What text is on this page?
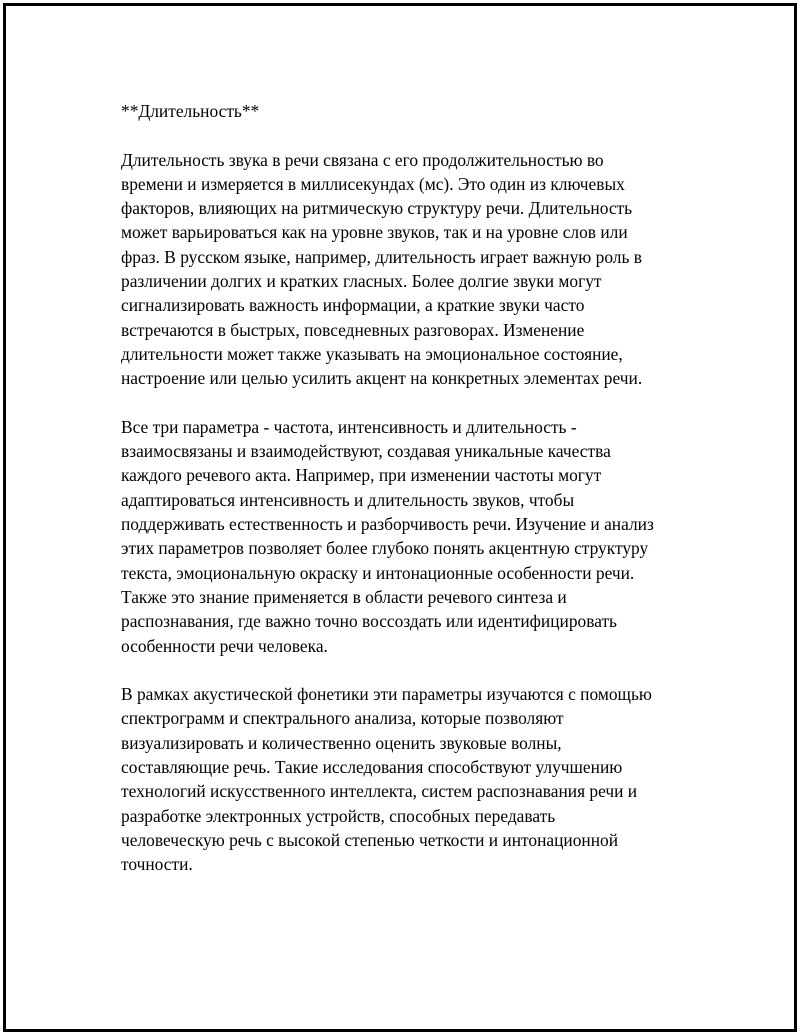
**Длительность**
Длительность звука в речи связана с его продолжительностью во
времени и измеряется в миллисекундах (мс). Это один из ключевых
факторов, влияющих на ритмическую структуру речи. Длительность
может варьироваться как на уровне звуков, так и на уровне слов или
фраз. В русском языке, например, длительность играет важную роль в
различении долгих и кратких гласных. Более долгие звуки могут
сигнализировать важность информации, а краткие звуки часто
встречаются в быстрых, повседневных разговорах. Изменение
длительности может также указывать на эмоциональное состояние,
настроение или целью усилить акцент на конкретных элементах речи.
Все три параметра - частота, интенсивность и длительность -
взаимосвязаны и взаимодействуют, создавая уникальные качества
каждого речевого акта. Например, при изменении частоты могут
адаптироваться интенсивность и длительность звуков, чтобы
поддерживать естественность и разборчивость речи. Изучение и анализ
этих параметров позволяет более глубоко понять акцентную структуру
текста, эмоциональную окраску и интонационные особенности речи.
Также это знание применяется в области речевого синтеза и
распознавания, где важно точно воссоздать или идентифицировать
особенности речи человека.
В рамках акустической фонетики эти параметры изучаются с помощью
спектрограмм и спектрального анализа, которые позволяют
визуализировать и количественно оценить звуковые волны,
составляющие речь. Такие исследования способствуют улучшению
технологий искусственного интеллекта, систем распознавания речи и
разработке электронных устройств, способных передавать
человеческую речь с высокой степенью четкости и интонационной
точности.
